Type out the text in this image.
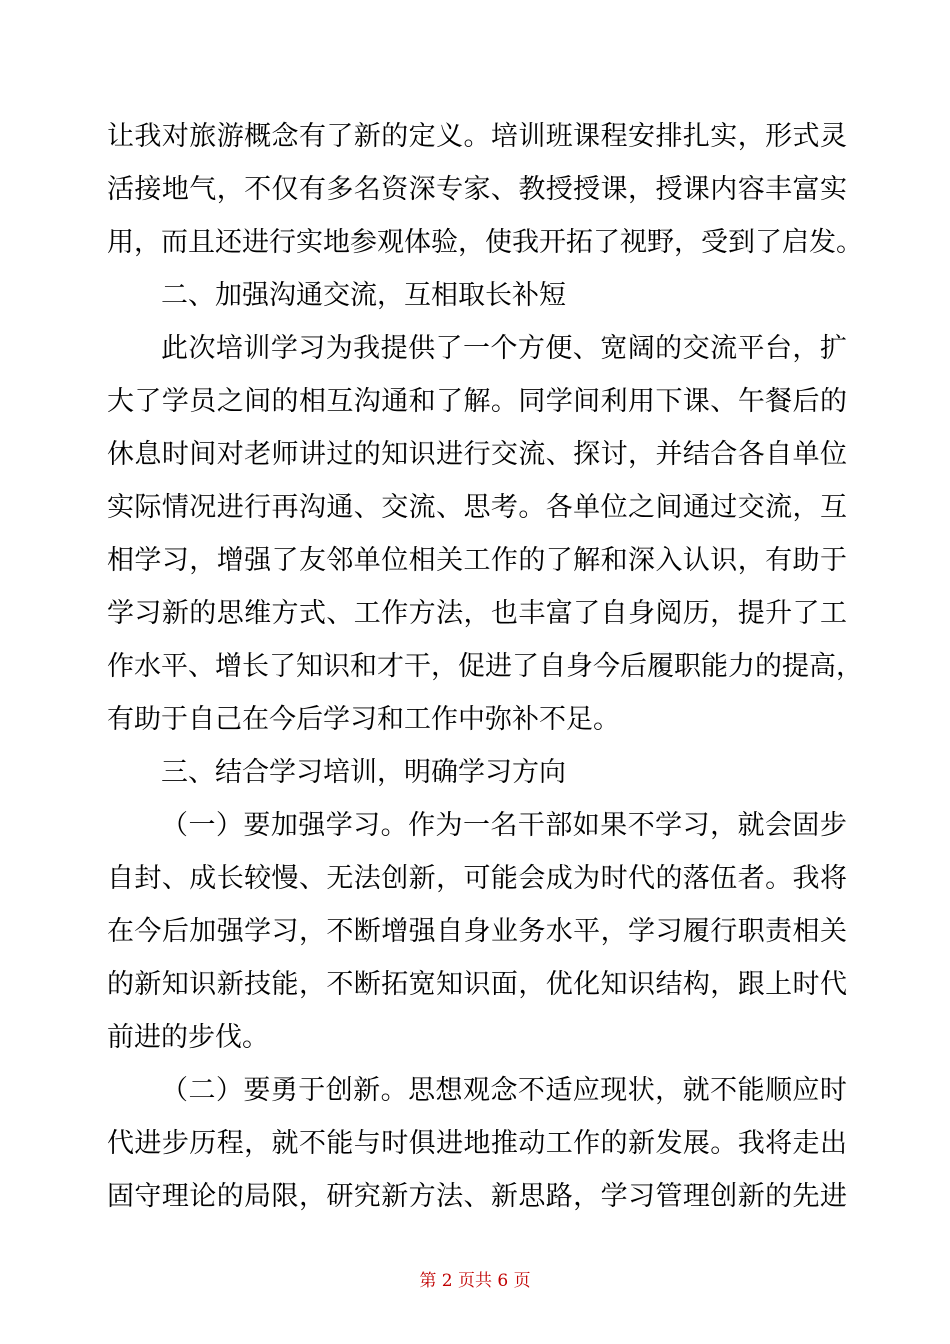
让 我 对 旅 游 概 念 有 了 新 的 定 义 。 培 训 班 课 程 安 排 扎 实 ， 形 式 灵
活 接 地 气 ， 不 仅 有 多 名 资 深 专 家 、 教 授 授 课 ， 授 课 内 容 丰 富 实
用 ， 而 且 还 进 行 实 地 参 观 体 验 ， 使 我 开 拓 了 视 野 ， 受 到 了 启 发 。
二、加强沟通交流，互相取长补短
此 次 培 训 学 习 为 我 提 供 了 一 个 方 便 、 宽 阔 的 交 流 平 台 ， 扩
大 了 学 员 之 间 的 相 互 沟 通 和 了 解 。 同 学 间 利 用 下 课 、 午 餐 后 的
休 息 时 间 对 老 师 讲 过 的 知 识 进 行 交 流 、 探 讨 ， 并 结 合 各 自 单 位
实 际 情 况 进 行 再 沟 通 、 交 流 、 思 考 。 各 单 位 之 间 通 过 交 流 ， 互
相 学 习 ， 增 强 了 友 邻 单 位 相 关 工 作 的 了 解 和 深 入 认 识 ， 有 助 于
学 习 新 的 思 维 方 式 、 工 作 方 法 ， 也 丰 富 了 自 身 阅 历 ， 提 升 了 工
作 水 平 、 增 长 了 知 识 和 才 干 ， 促 进 了 自 身 今 后 履 职 能 力 的 提 高 ，
有助于自己在今后学习和工作中弥补不足。
三、结合学习培训，明确学习方向
（ 一 ） 要 加 强 学 习 。 作 为 一 名 干 部 如 果 不 学 习 ， 就 会 固 步
自 封 、 成 长 较 慢 、 无 法 创 新 ， 可 能 会 成 为 时 代 的 落 伍 者 。 我 将
在 今 后 加 强 学 习 ， 不 断 增 强 自 身 业 务 水 平 ， 学 习 履 行 职 责 相 关
的 新 知 识 新 技 能 ， 不 断 拓 宽 知 识 面 ， 优 化 知 识 结 构 ， 跟 上 时 代
前进的步伐。
（ 二 ） 要 勇 于 创 新 。 思 想 观 念 不 适 应 现 状 ， 就 不 能 顺 应 时
代 进 步 历 程 ， 就 不 能 与 时 俱 进 地 推 动 工 作 的 新 发 展 。 我 将 走 出
固 守 理 论 的 局 限 ， 研 究 新 方 法 、 新 思 路 ， 学 习 管 理 创 新 的 先 进
第 2 页共 6 页
